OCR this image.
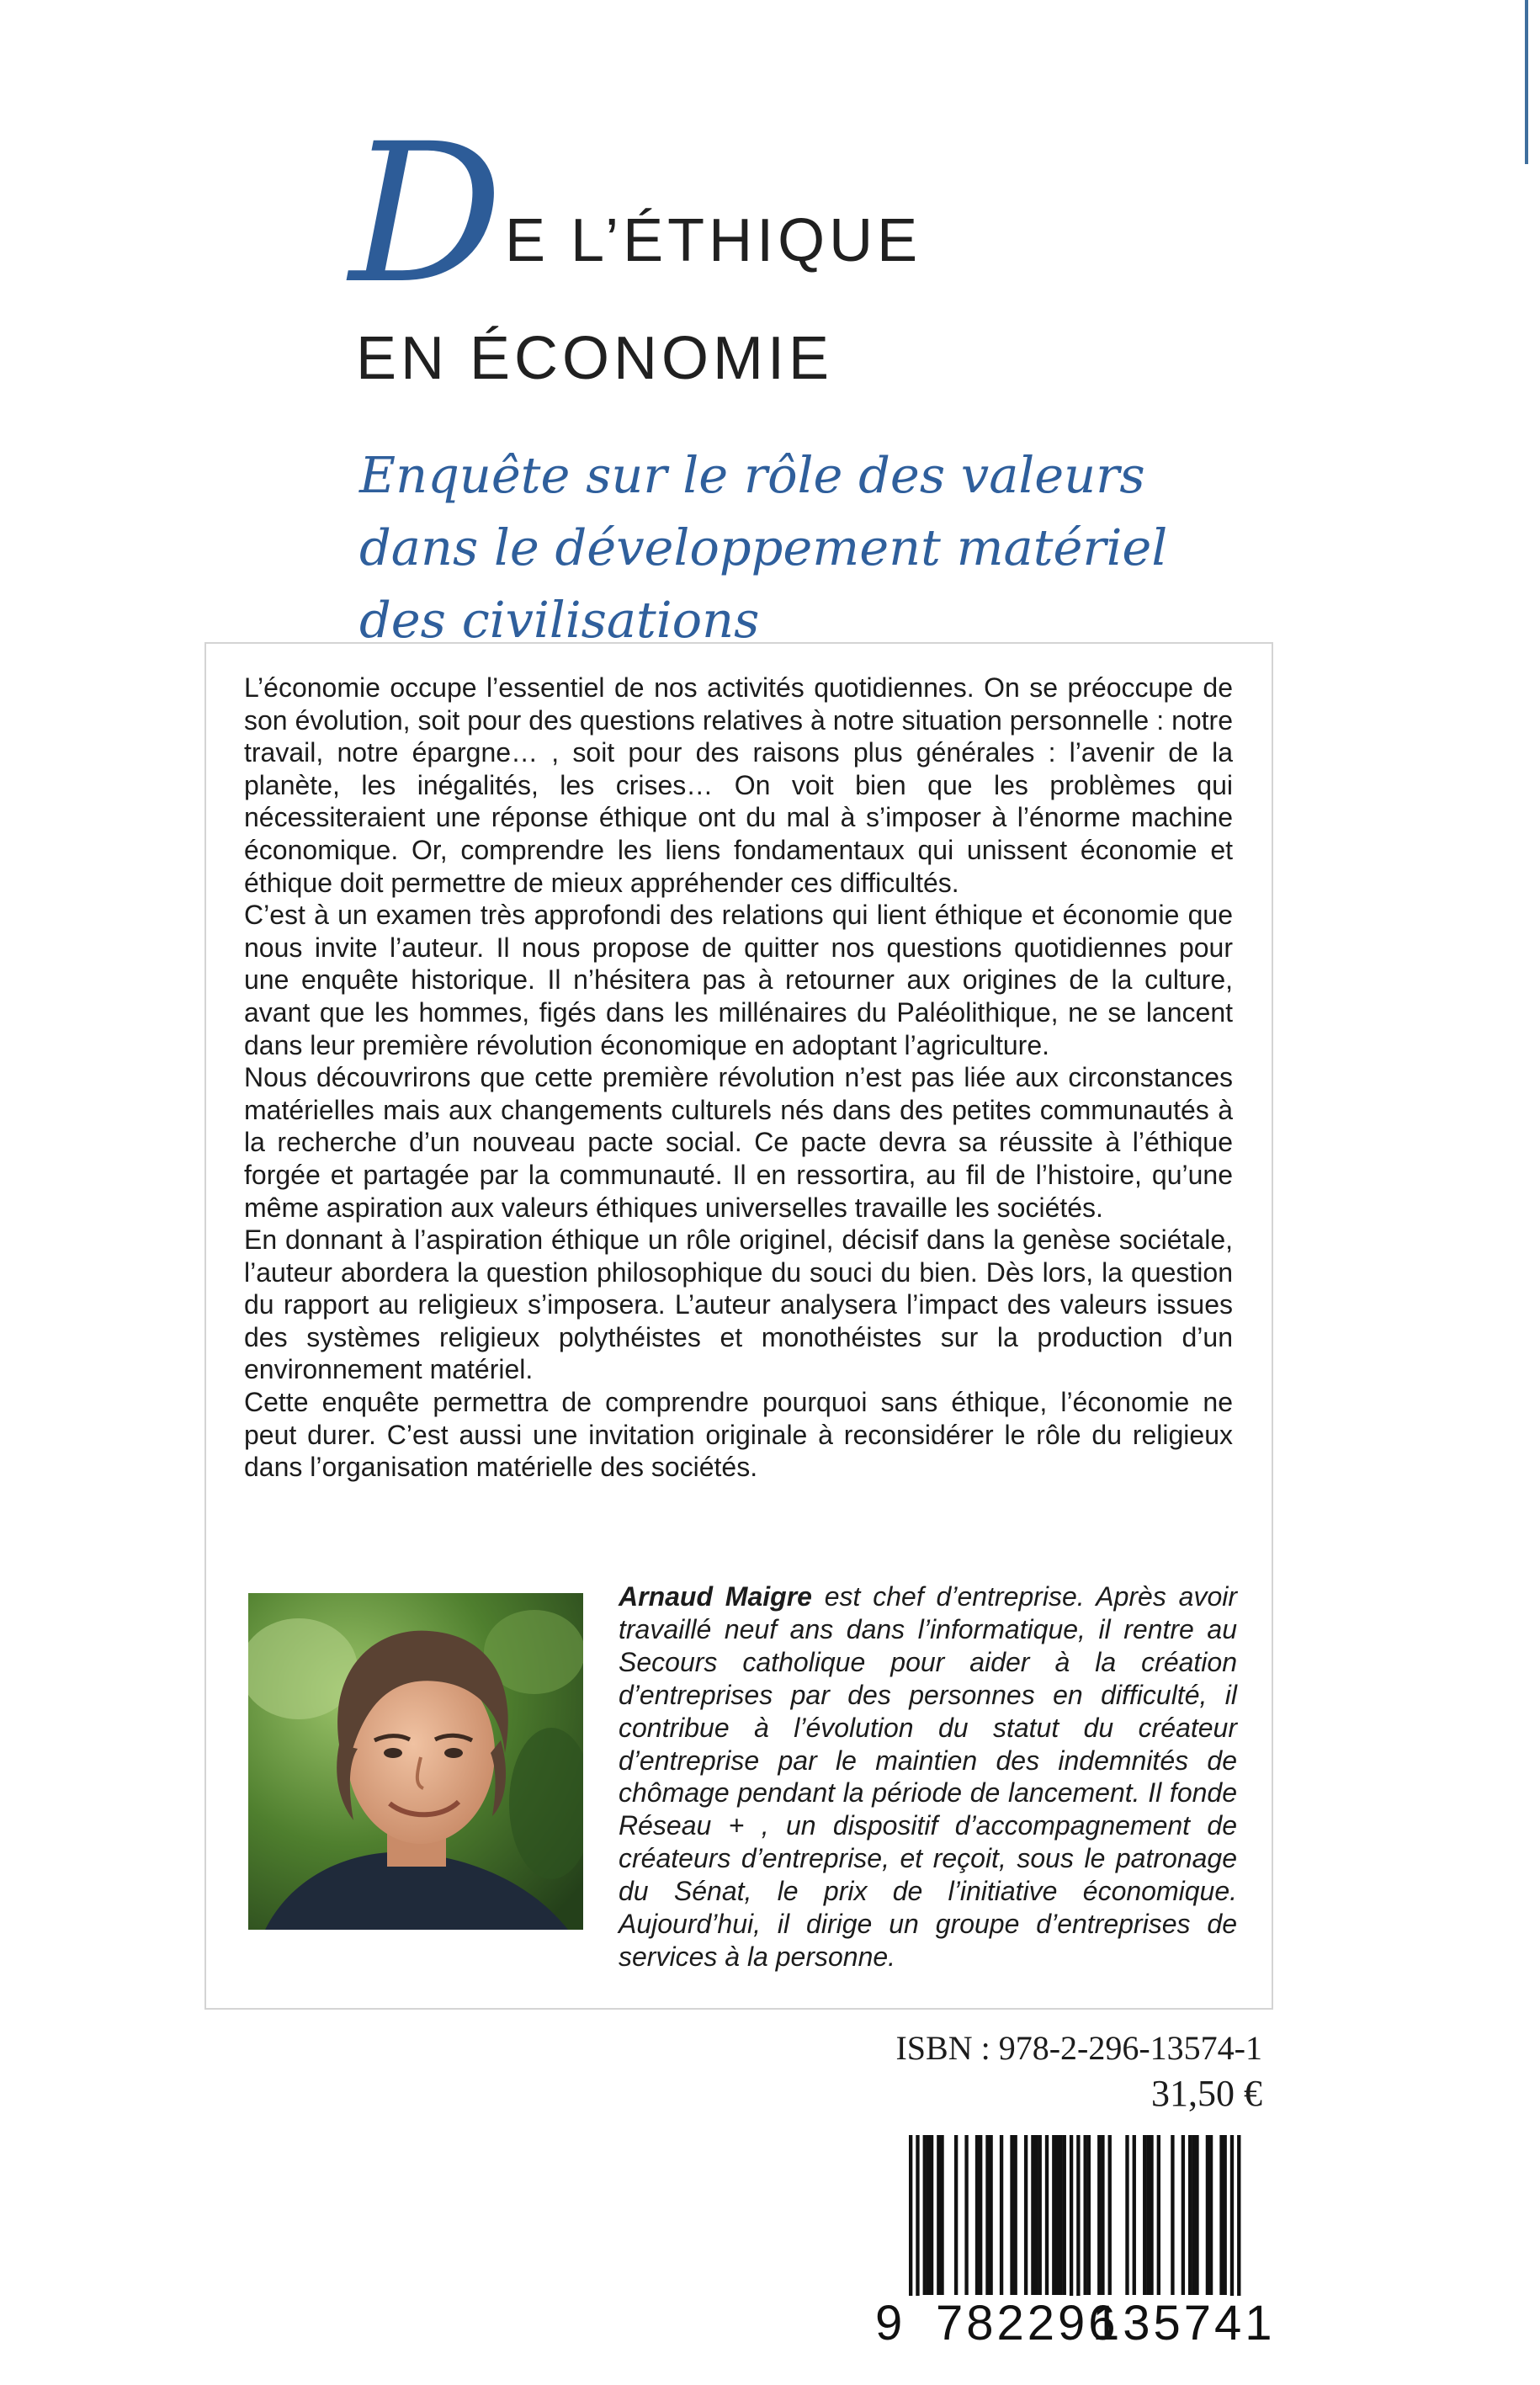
D E L’ÉTHIQUE
EN ÉCONOMIE
Enquête sur le rôle des valeurs
dans le développement matériel
des civilisations

L’économie occupe l’essentiel de nos activités quotidiennes. On se préoccupe de son évolution, soit pour des questions relatives à notre situation personnelle : notre travail, notre épargne… , soit pour des raisons plus générales : l’avenir de la planète, les inégalités, les crises… On voit bien que les problèmes qui nécessiteraient une réponse éthique ont du mal à s’imposer à l’énorme machine économique. Or, comprendre les liens fondamentaux qui unissent économie et éthique doit permettre de mieux appréhender ces difficultés.

C’est à un examen très approfondi des relations qui lient éthique et économie que nous invite l’auteur. Il nous propose de quitter nos questions quotidiennes pour une enquête historique. Il n’hésitera pas à retourner aux origines de la culture, avant que les hommes, figés dans les millénaires du Paléolithique, ne se lancent dans leur première révolution économique en adoptant l’agriculture.

Nous découvrirons que cette première révolution n’est pas liée aux circonstances matérielles mais aux changements culturels nés dans des petites communautés à la recherche d’un nouveau pacte social. Ce pacte devra sa réussite à l’éthique forgée et partagée par la communauté. Il en ressortira, au fil de l’histoire, qu’une même aspiration aux valeurs éthiques universelles travaille les sociétés.

En donnant à l’aspiration éthique un rôle originel, décisif dans la genèse sociétale, l’auteur abordera la question philosophique du souci du bien. Dès lors, la question du rapport au religieux s’imposera. L’auteur analysera l’impact des valeurs issues des systèmes religieux polythéistes et monothéistes sur la production d’un environnement matériel.

Cette enquête permettra de comprendre pourquoi sans éthique, l’économie ne peut durer. C’est aussi une invitation originale à reconsidérer le rôle du religieux dans l’organisation matérielle des sociétés.

Arnaud Maigre est chef d’entreprise. Après avoir travaillé neuf ans dans l’informatique, il rentre au Secours catholique pour aider à la création d’entreprises par des personnes en difficulté, il contribue à l’évolution du statut du créateur d’entreprise par le maintien des indemnités de chômage pendant la période de lancement. Il fonde Réseau + , un dispositif d’accompagnement de créateurs d’entreprise, et reçoit, sous le patronage du Sénat, le prix de l’initiative économique. Aujourd’hui, il dirige un groupe d’entreprises de services à la personne.
ISBN : 978-2-296-13574-1
31,50 €
9 782296
135741
